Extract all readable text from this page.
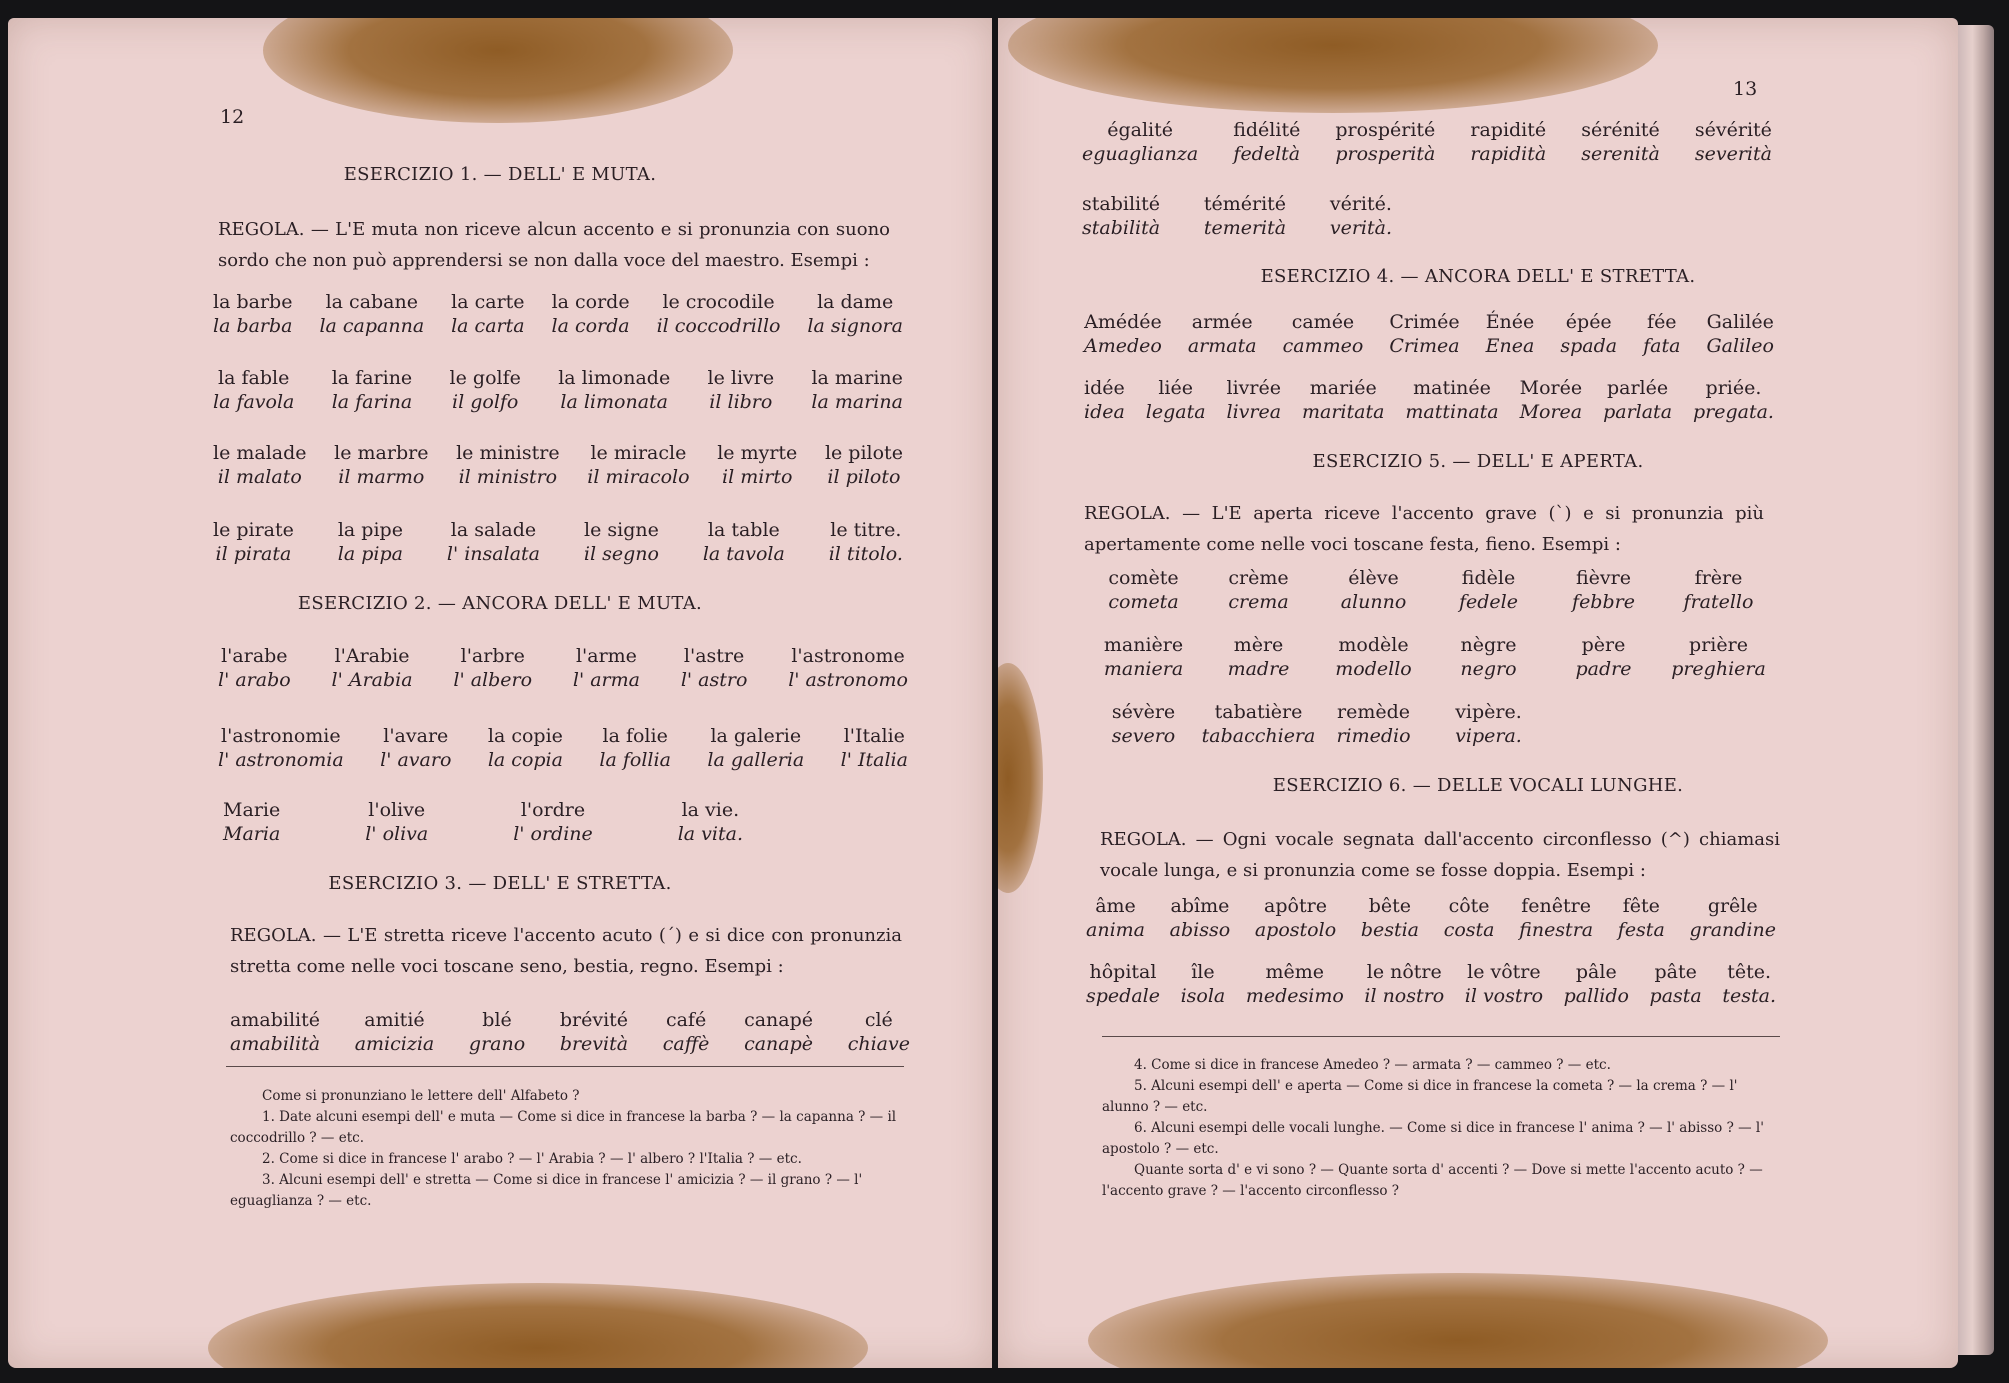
12
ESERCIZIO 1. — DELL' E MUTA.
REGOLA. — L'E muta non riceve alcun accento e si pronunzia con suono sordo che non può apprendersi se non dalla voce del maestro. Esempi :
la barbe
la barba
la cabane
la capanna
la carte
la carta
la corde
la corda
le crocodile
il coccodrillo
la dame
la signora
la fable
la favola
la farine
la farina
le golfe
il golfo
la limonade
la limonata
le livre
il libro
la marine
la marina
le malade
il malato
le marbre
il marmo
le ministre
il ministro
le miracle
il miracolo
le myrte
il mirto
le pilote
il piloto
le pirate
il pirata
la pipe
la pipa
la salade
l' insalata
le signe
il segno
la table
la tavola
le titre.
il titolo.
ESERCIZIO 2. — ANCORA DELL' E MUTA.
l'arabe
l' arabo
l'Arabie
l' Arabia
l'arbre
l' albero
l'arme
l' arma
l'astre
l' astro
l'astronome
l' astronomo
l'astronomie
l' astronomia
l'avare
l' avaro
la copie
la copia
la folie
la follia
la galerie
la galleria
l'Italie
l' Italia
Marie
Maria
l'olive
l' oliva
l'ordre
l' ordine
la vie.
la vita.
ESERCIZIO 3. — DELL' E STRETTA.
REGOLA. — L'E stretta riceve l'accento acuto (´) e si dice con pronunzia stretta come nelle voci toscane seno, bestia, regno. Esempi :
amabilité
amabilità
amitié
amicizia
blé
grano
brévité
brevità
café
caffè
canapé
canapè
clé
chiave

Come si pronunziano le lettere dell' Alfabeto ?

1. Date alcuni esempi dell' e muta — Come si dice in francese la barba ? — la capanna ? — il coccodrillo ? — etc.

2. Come si dice in francese l' arabo ? — l' Arabia ? — l' albero ? l'Italia ? — etc.

3. Alcuni esempi dell' e stretta — Come si dice in francese l' amicizia ? — il grano ? — l' eguaglianza ? — etc.

13
égalité
eguaglianza
fidélité
fedeltà
prospérité
prosperità
rapidité
rapidità
sérénité
serenità
sévérité
severità
stabilité
stabilità
témérité
temerità
vérité.
verità.
ESERCIZIO 4. — ANCORA DELL' E STRETTA.
Amédée
Amedeo
armée
armata
camée
cammeo
Crimée
Crimea
Énée
Enea
épée
spada
fée
fata
Galilée
Galileo
idée
idea
liée
legata
livrée
livrea
mariée
maritata
matinée
mattinata
Morée
Morea
parlée
parlata
priée.
pregata.
ESERCIZIO 5. — DELL' E APERTA.
REGOLA. — L'E aperta riceve l'accento grave (`) e si pronunzia più apertamente come nelle voci toscane festa, fieno. Esempi :
comète
cometa
crème
crema
élève
alunno
fidèle
fedele
fièvre
febbre
frère
fratello
manière
maniera
mère
madre
modèle
modello
nègre
negro
père
padre
prière
preghiera
sévère
severo
tabatière
tabacchiera
remède
rimedio
vipère.
vipera.
ESERCIZIO 6. — DELLE VOCALI LUNGHE.
REGOLA. — Ogni vocale segnata dall'accento circonflesso (^) chiamasi vocale lunga, e si pronunzia come se fosse doppia. Esempi :
âme
anima
abîme
abisso
apôtre
apostolo
bête
bestia
côte
costa
fenêtre
finestra
fête
festa
grêle
grandine
hôpital
spedale
île
isola
même
medesimo
le nôtre
il nostro
le vôtre
il vostro
pâle
pallido
pâte
pasta
tête.
testa.

4. Come si dice in francese Amedeo ? — armata ? — cammeo ? — etc.

5. Alcuni esempi dell' e aperta — Come si dice in francese la cometa ? — la crema ? — l' alunno ? — etc.

6. Alcuni esempi delle vocali lunghe. — Come si dice in francese l' anima ? — l' abisso ? — l' apostolo ? — etc.

Quante sorta d' e vi sono ? — Quante sorta d' accenti ? — Dove si mette l'accento acuto ? — l'accento grave ? — l'accento circonflesso ?
